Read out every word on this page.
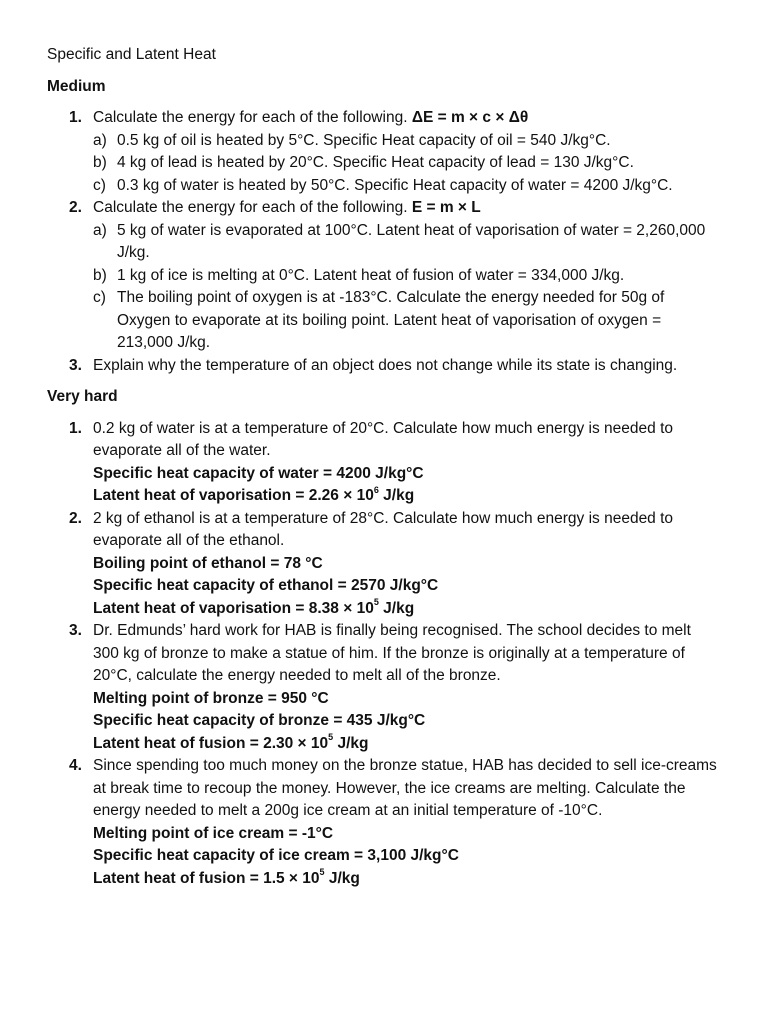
Specific and Latent Heat
Medium
1. Calculate the energy for each of the following. ΔE = m × c × Δθ
a) 0.5 kg of oil is heated by 5°C. Specific Heat capacity of oil = 540 J/kg°C.
b) 4 kg of lead is heated by 20°C. Specific Heat capacity of lead = 130 J/kg°C.
c) 0.3 kg of water is heated by 50°C. Specific Heat capacity of water = 4200 J/kg°C.
2. Calculate the energy for each of the following. E = m × L
a) 5 kg of water is evaporated at 100°C. Latent heat of vaporisation of water = 2,260,000 J/kg.
b) 1 kg of ice is melting at 0°C. Latent heat of fusion of water = 334,000 J/kg.
c) The boiling point of oxygen is at -183°C. Calculate the energy needed for 50g of Oxygen to evaporate at its boiling point. Latent heat of vaporisation of oxygen = 213,000 J/kg.
3. Explain why the temperature of an object does not change while its state is changing.
Very hard
1. 0.2 kg of water is at a temperature of 20°C. Calculate how much energy is needed to evaporate all of the water.
Specific heat capacity of water = 4200 J/kg°C
Latent heat of vaporisation = $2.26 \times 10^6$ J/kg
2. 2 kg of ethanol is at a temperature of 28°C. Calculate how much energy is needed to evaporate all of the ethanol.
Boiling point of ethanol = 78 °C
Specific heat capacity of ethanol = 2570 J/kg°C
Latent heat of vaporisation = $8.38 \times 10^5$ J/kg
3. Dr. Edmunds’ hard work for HAB is finally being recognised. The school decides to melt 300 kg of bronze to make a statue of him. If the bronze is originally at a temperature of 20°C, calculate the energy needed to melt all of the bronze.
Melting point of bronze = 950 °C
Specific heat capacity of bronze = 435 J/kg°C
Latent heat of fusion = $2.30 \times 10^5$ J/kg
4. Since spending too much money on the bronze statue, HAB has decided to sell ice-creams at break time to recoup the money. However, the ice creams are melting. Calculate the energy needed to melt a 200g ice cream at an initial temperature of -10°C.
Melting point of ice cream = -1°C
Specific heat capacity of ice cream = 3,100 J/kg°C
Latent heat of fusion = $1.5 \times 10^5$ J/kg
